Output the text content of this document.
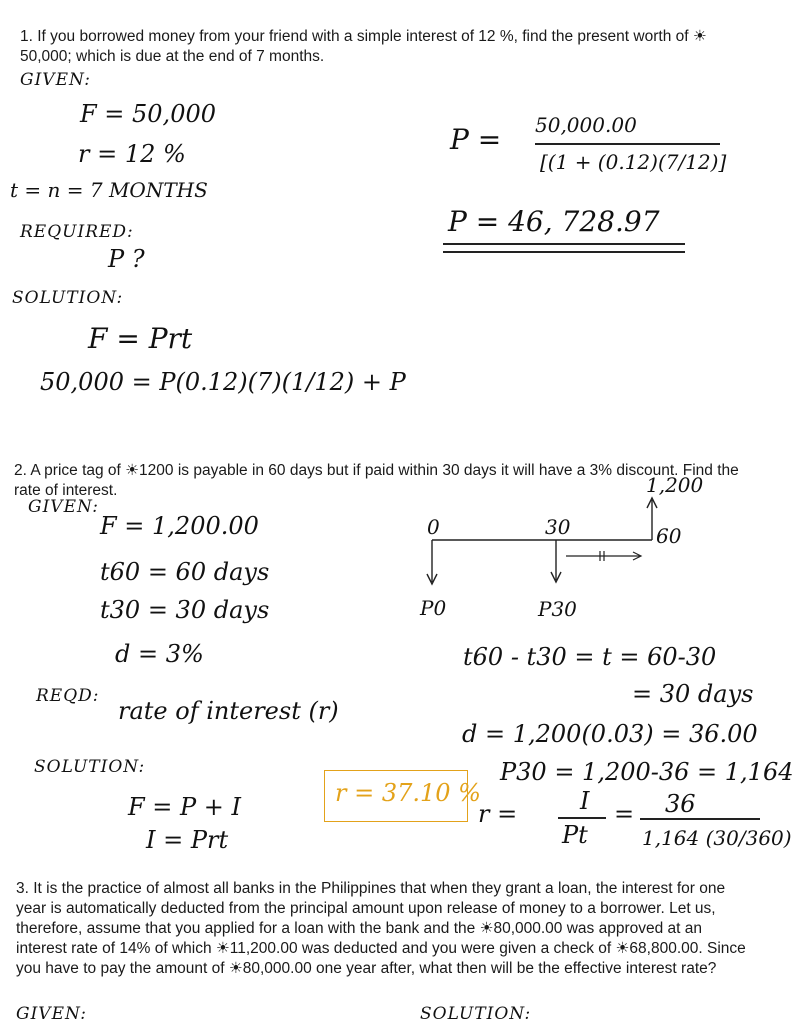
1. If you borrowed money from your friend with a simple interest of 12 %, find the present worth of ☀50,000; which is due at the end of 7 months.
GIVEN:
F = 50,000
r = 12 %
t = n = 7 MONTHS
REQUIRED:
P ?
SOLUTION:
F = Prt
50,000 = P(0.12)(7)(1/12) + P
P = 50,000.00
[(1 + (0.12)(7/12)]
P = 46, 728.97
2. A price tag of ☀1200 is payable in 60 days but if paid within 30 days it will have a 3% discount. Find the rate of interest.
GIVEN:
F = 1,200.00
t60 = 60 days
t30 = 30 days
d = 3%
REQD:
rate of interest (r)
SOLUTION:
F = P + I
I = Prt
r = 37.10 %
1,200
0	30	60
P0	P30
t60 - t30 = t = 60-30
= 30 days
d = 1,200(0.03) = 36.00
P30 = 1,200-36 = 1,164
r =	I
Pt
= 36
1,164 (30/360)
3. It is the practice of almost all banks in the Philippines that when they grant a loan, the interest for one year is automatically deducted from the principal amount upon release of money to a borrower. Let us, therefore, assume that you applied for a loan with the bank and the ☀80,000.00 was approved at an interest rate of 14% of which ☀11,200.00 was deducted and you were given a check of ☀68,800.00. Since you have to pay the amount of ☀80,000.00 one year after, what then will be the effective interest rate?
GIVEN:	SOLUTION:
